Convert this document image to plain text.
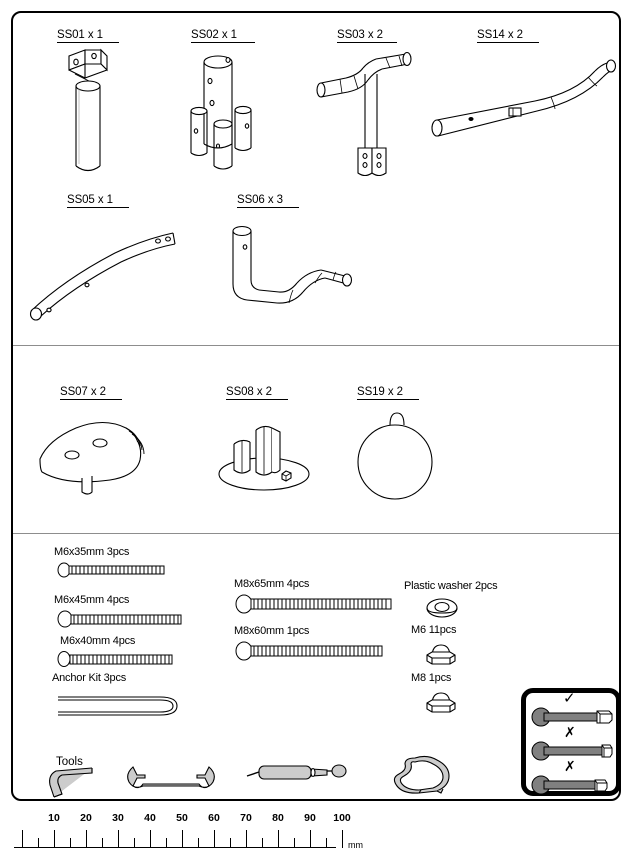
SS01 x 1	SS02 x 1	SS03 x 2	SS14 x 2
SS05 x 1	SS06 x 3
SS07 x 2	SS08 x 2	SS19 x 2
M6x35mm 3pcs
M6x45mm 4pcs
M6x40mm 4pcs
Anchor Kit 3pcs
M8x65mm 4pcs
M8x60mm 1pcs
Plastic washer 2pcs
M6 11pcs
M8 1pcs
Tools
✓
✗
✗
10 20 30 40 50 60 70 80 90 100
mm
